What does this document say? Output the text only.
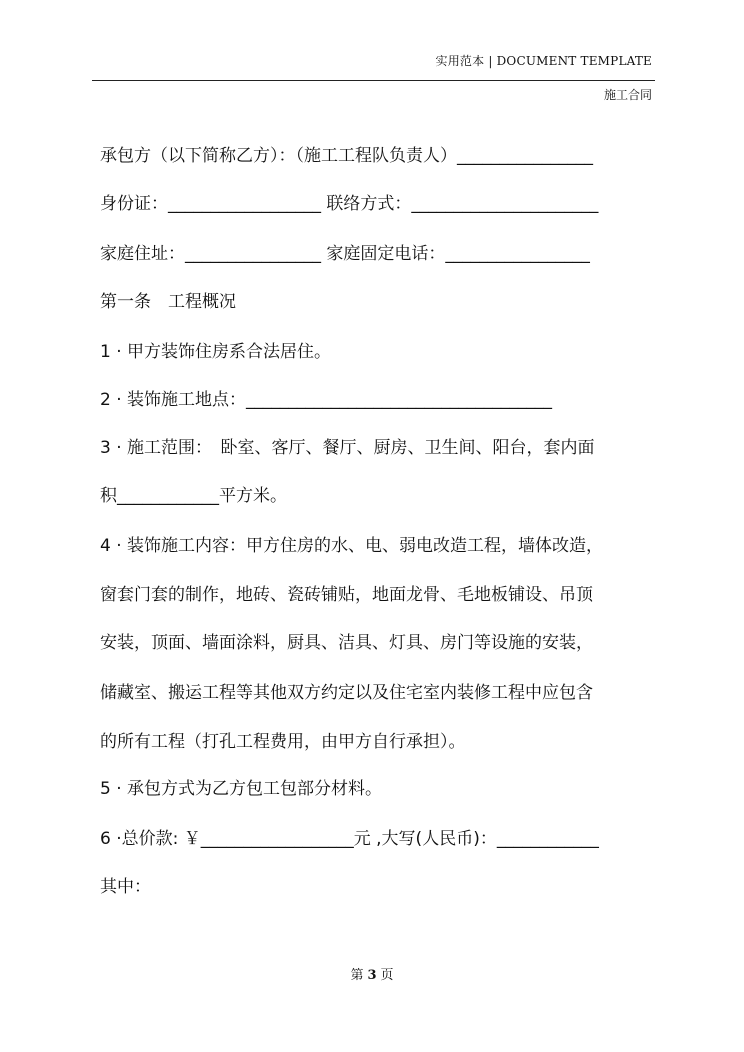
实用范本 | DOCUMENT TEMPLATE
施工合同
承包方（以下简称乙方）：（施工工程队负责人）________________
身份证：__________________ 联络方式：______________________
家庭住址：________________ 家庭固定电话：_________________
第一条　工程概况
1 · 甲方装饰住房系合法居住。
2 · 装饰施工地点：____________________________________
3 · 施工范围：　卧室、客厅、餐厅、厨房、卫生间、阳台，套内面
积____________平方米。
4 · 装饰施工内容：甲方住房的水、电、弱电改造工程，墙体改造，
窗套门套的制作，地砖、瓷砖铺贴，地面龙骨、毛地板铺设、吊顶
安装，顶面、墙面涂料，厨具、洁具、灯具、房门等设施的安装，
储藏室、搬运工程等其他双方约定以及住宅室内装修工程中应包含
的所有工程（打孔工程费用，由甲方自行承担）。
5 · 承包方式为乙方包工包部分材料。
6 ·总价款: ￥__________________元 ,大写(人民币)：____________
其中：
第 3 页
